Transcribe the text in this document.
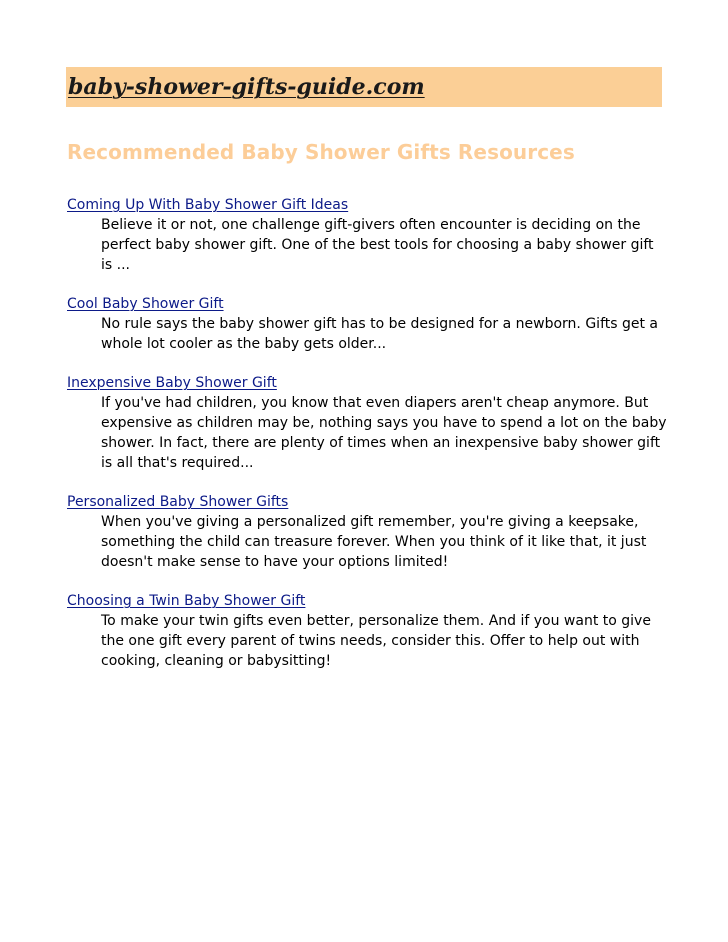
baby-shower-gifts-guide.com
Recommended Baby Shower Gifts Resources
Coming Up With Baby Shower Gift Ideas

Believe it or not, one challenge gift-givers often encounter is deciding on the perfect baby shower gift. One of the best tools for choosing a baby shower gift is ...

Cool Baby Shower Gift

No rule says the baby shower gift has to be designed for a newborn. Gifts get a whole lot cooler as the baby gets older...

Inexpensive Baby Shower Gift

If you've had children, you know that even diapers aren't cheap anymore. But expensive as children may be, nothing says you have to spend a lot on the baby shower. In fact, there are plenty of times when an inexpensive baby shower gift is all that's required...

Personalized Baby Shower Gifts

When you've giving a personalized gift remember, you're giving a keepsake, something the child can treasure forever. When you think of it like that, it just doesn't make sense to have your options limited!

Choosing a Twin Baby Shower Gift

To make your twin gifts even better, personalize them. And if you want to give the one gift every parent of twins needs, consider this. Offer to help out with cooking, cleaning or babysitting!
